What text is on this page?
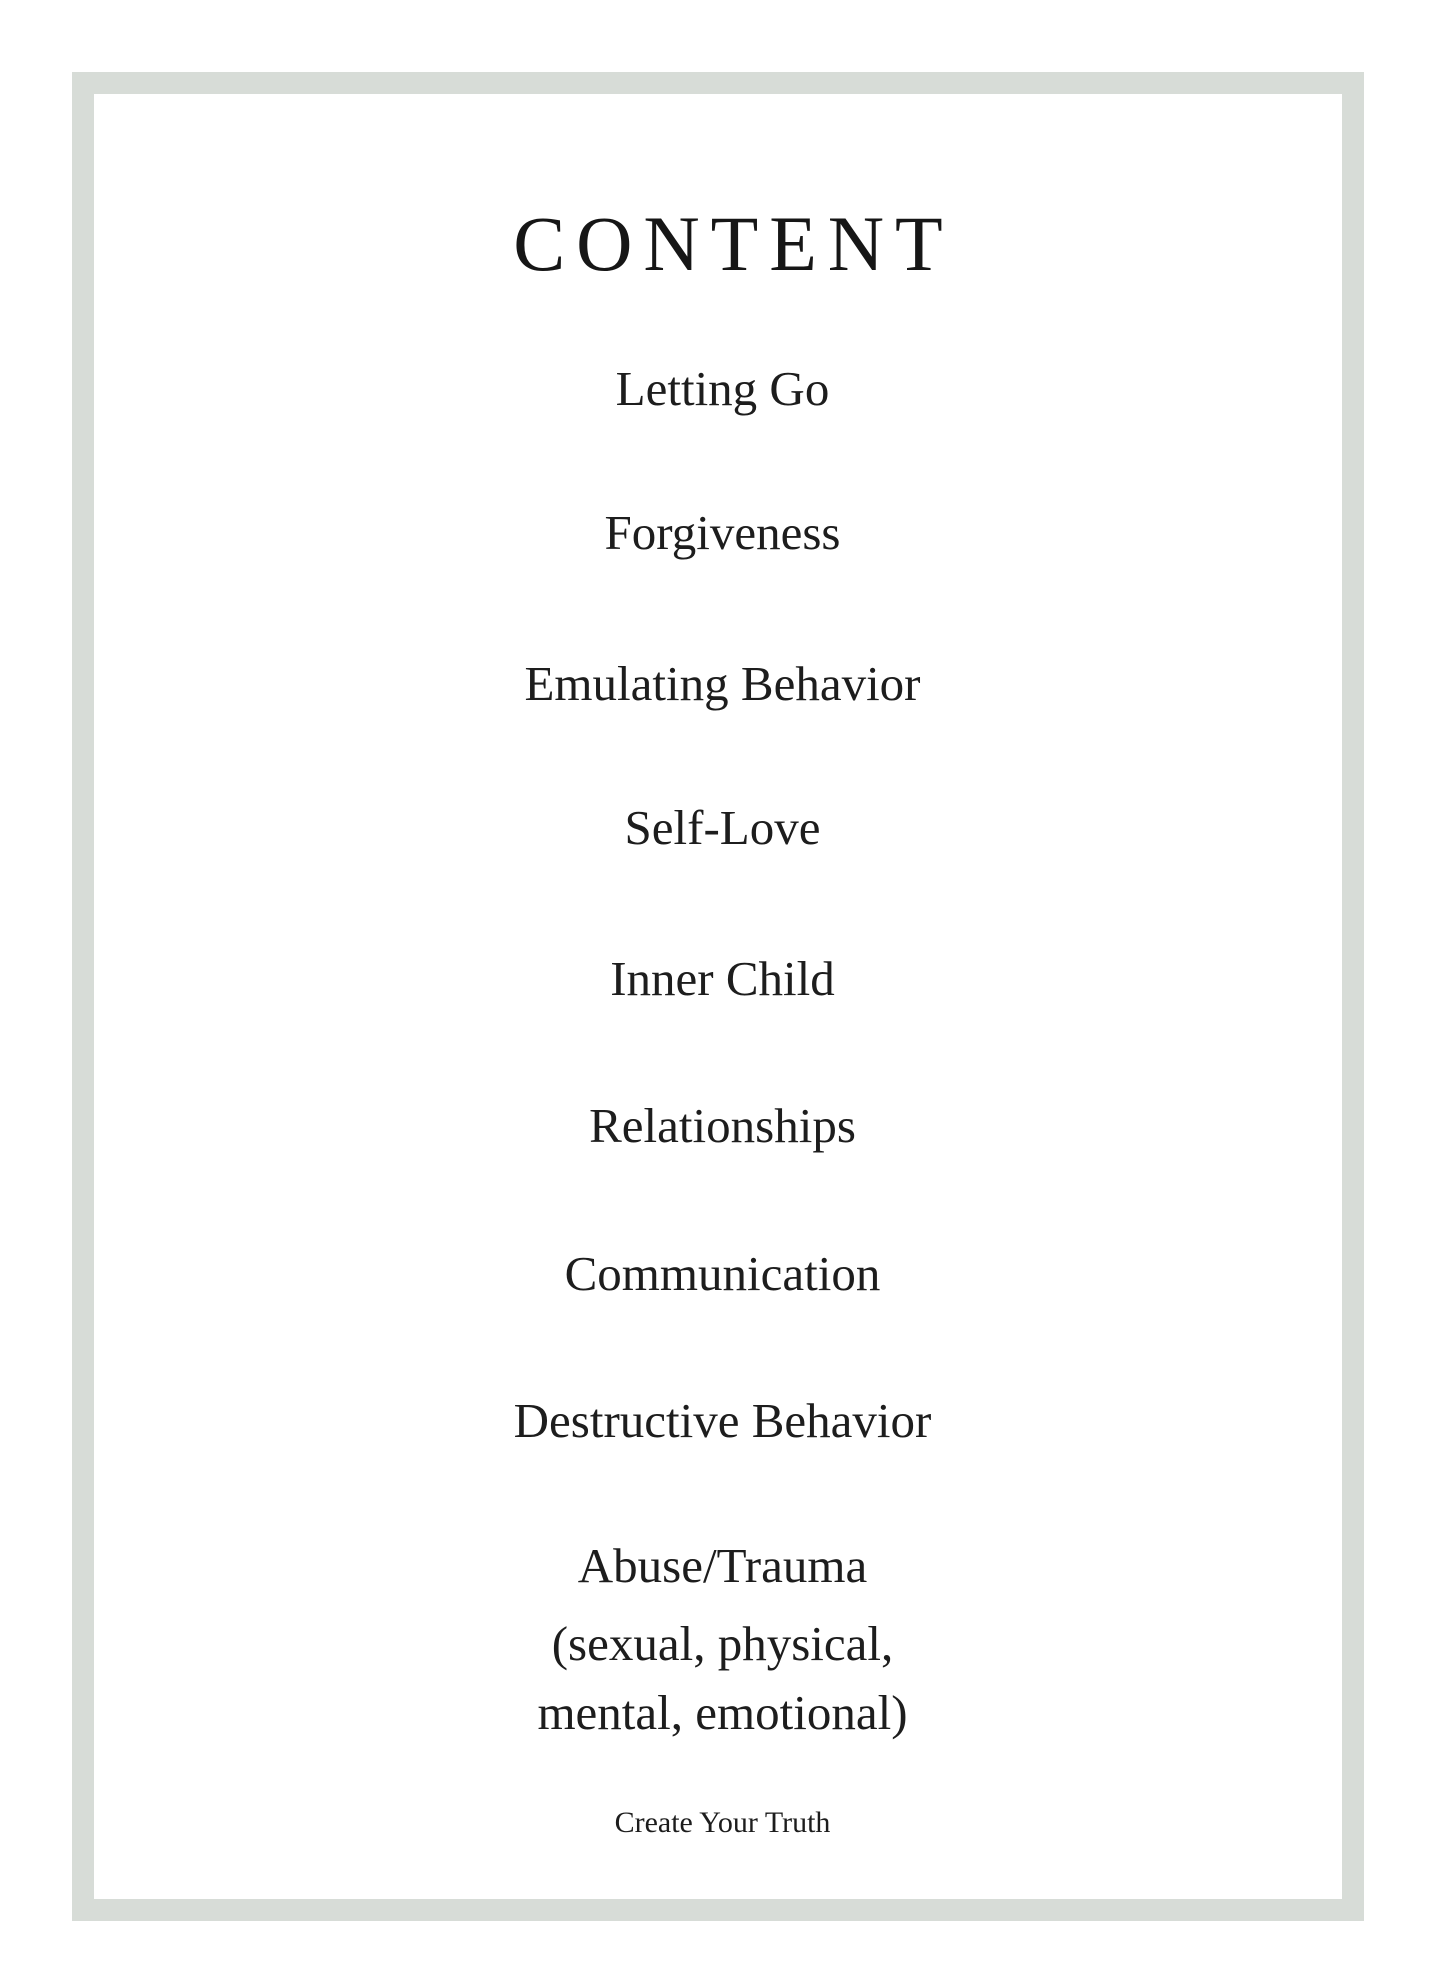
CONTENT
Letting Go
Forgiveness
Emulating Behavior
Self-Love
Inner Child
Relationships
Communication
Destructive Behavior
Abuse/Trauma
(sexual, physical,
mental, emotional)
Create Your Truth
